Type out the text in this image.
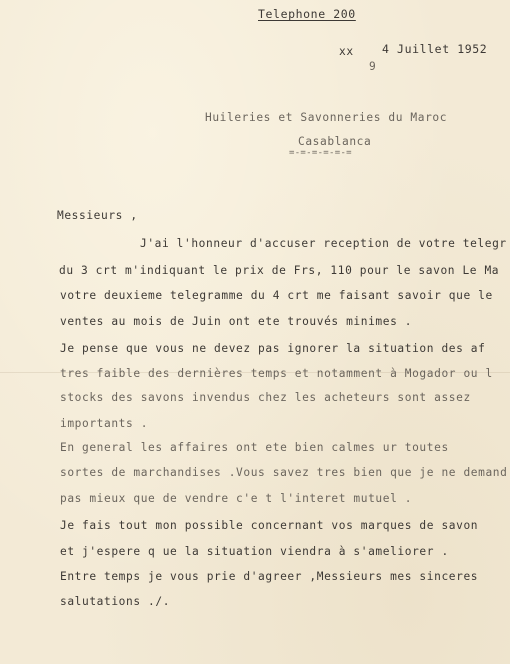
Telephone 200
xx 4 Juillet 1952
9
Huileries et Savonneries du Maroc
Casablanca
=-=-=-=-=-=
Messieurs ,
J'ai l'honneur d'accuser reception de votre telegr
du 3 crt m'indiquant le prix de Frs, 110 pour le savon Le Ma
votre deuxieme telegramme du 4 crt me faisant savoir que le
ventes au mois de Juin ont ete trouvés minimes .
Je pense que vous ne devez pas ignorer la situation des af
tres faible des dernières temps et notamment à Mogador ou l
stocks des savons invendus chez les acheteurs sont assez
importants .
En general les affaires ont ete bien calmes ur toutes
sortes de marchandises .Vous savez tres bien que je ne demand
pas mieux que de vendre c'e t l'interet mutuel .
Je fais tout mon possible concernant vos marques de savon
et j'espere q ue la situation viendra à s'ameliorer .
Entre temps je vous prie d'agreer ,Messieurs mes sinceres
salutations ./.
